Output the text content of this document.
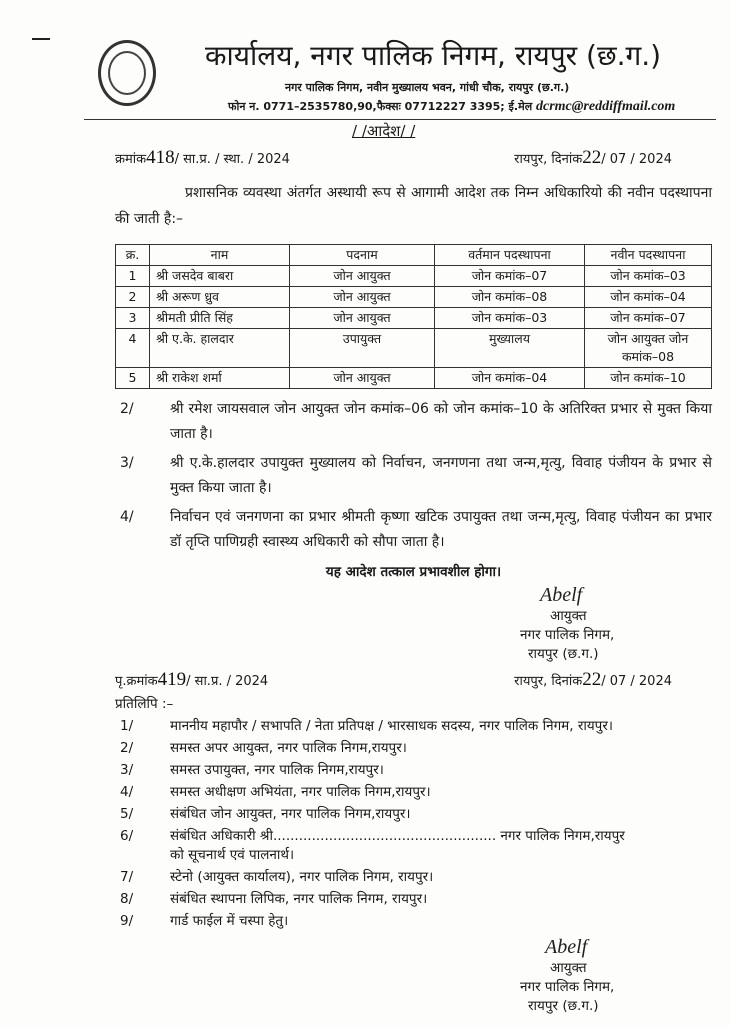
कार्यालय, नगर पालिक निगम, रायपुर (छ.ग.)
नगर पालिक निगम, नवीन मुख्यालय भवन, गांधी चौक, रायपुर (छ.ग.)
फोन न. 0771–2535780,90,फैक्सः 07712227 3395; ई.मेल dcrmc@reddiffmail.com
/ /आदेश/ /
क्रमांक418/ सा.प्र. / स्था. / 2024	रायपुर, दिनांक22/ 07 / 2024
प्रशासनिक व्यवस्था अंतर्गत अस्थायी रूप से आगामी आदेश तक निम्न अधिकारियो की नवीन पदस्थापना की जाती है:–
क्र.	नाम	पदनाम	वर्तमान पदस्थापना	नवीन पदस्थापना
1	श्री जसदेव बाबरा	जोन आयुक्त	जोन कमांक–07	जोन कमांक–03
2	श्री अरूण ध्रुव	जोन आयुक्त	जोन कमांक–08	जोन कमांक–04
3	श्रीमती प्रीति सिंह	जोन आयुक्त	जोन कमांक–03	जोन कमांक–07
4	श्री ए.के. हालदार	उपायुक्त	मुख्यालय	जोन आयुक्त जोन कमांक–08
5	श्री राकेश शर्मा	जोन आयुक्त	जोन कमांक–04	जोन कमांक–10
2/	श्री रमेश जायसवाल जोन आयुक्त जोन कमांक–06 को जोन कमांक–10 के अतिरिक्त प्रभार से मुक्त किया जाता है।
3/	श्री ए.के.हालदार उपायुक्त मुख्यालय को निर्वाचन, जनगणना तथा जन्म,मृत्यु, विवाह पंजीयन के प्रभार से मुक्त किया जाता है।
4/	निर्वाचन एवं जनगणना का प्रभार श्रीमती कृष्णा खटिक उपायुक्त तथा जन्म,मृत्यु, विवाह पंजीयन का प्रभार डॉ तृप्ति पाणिग्रही स्वास्थ्य अधिकारी को सौपा जाता है।
यह आदेश तत्काल प्रभावशील होगा।
Abelf
आयुक्त
नगर पालिक निगम,
रायपुर (छ.ग.)
पृ.क्रमांक419/ सा.प्र. / 2024	रायपुर, दिनांक22/ 07 / 2024
प्रतिलिपि :–
1/	माननीय महापौर / सभापति / नेता प्रतिपक्ष / भारसाधक सदस्य, नगर पालिक निगम, रायपुर।
2/	समस्त अपर आयुक्त, नगर पालिक निगम,रायपुर।
3/	समस्त उपायुक्त, नगर पालिक निगम,रायपुर।
4/	समस्त अधीक्षण अभियंता, नगर पालिक निगम,रायपुर।
5/	संबंधित जोन आयुक्त, नगर पालिक निगम,रायपुर।
6/	संबंधित अधिकारी श्री.................................................... नगर पालिक निगम,रायपुर को सूचनार्थ एवं पालनार्थ।
7/	स्टेनो (आयुक्त कार्यालय), नगर पालिक निगम, रायपुर।
8/	संबंधित स्थापना लिपिक, नगर पालिक निगम, रायपुर।
9/	गार्ड फाईल में चस्पा हेतु।
Abelf
आयुक्त
नगर पालिक निगम,
रायपुर (छ.ग.)
